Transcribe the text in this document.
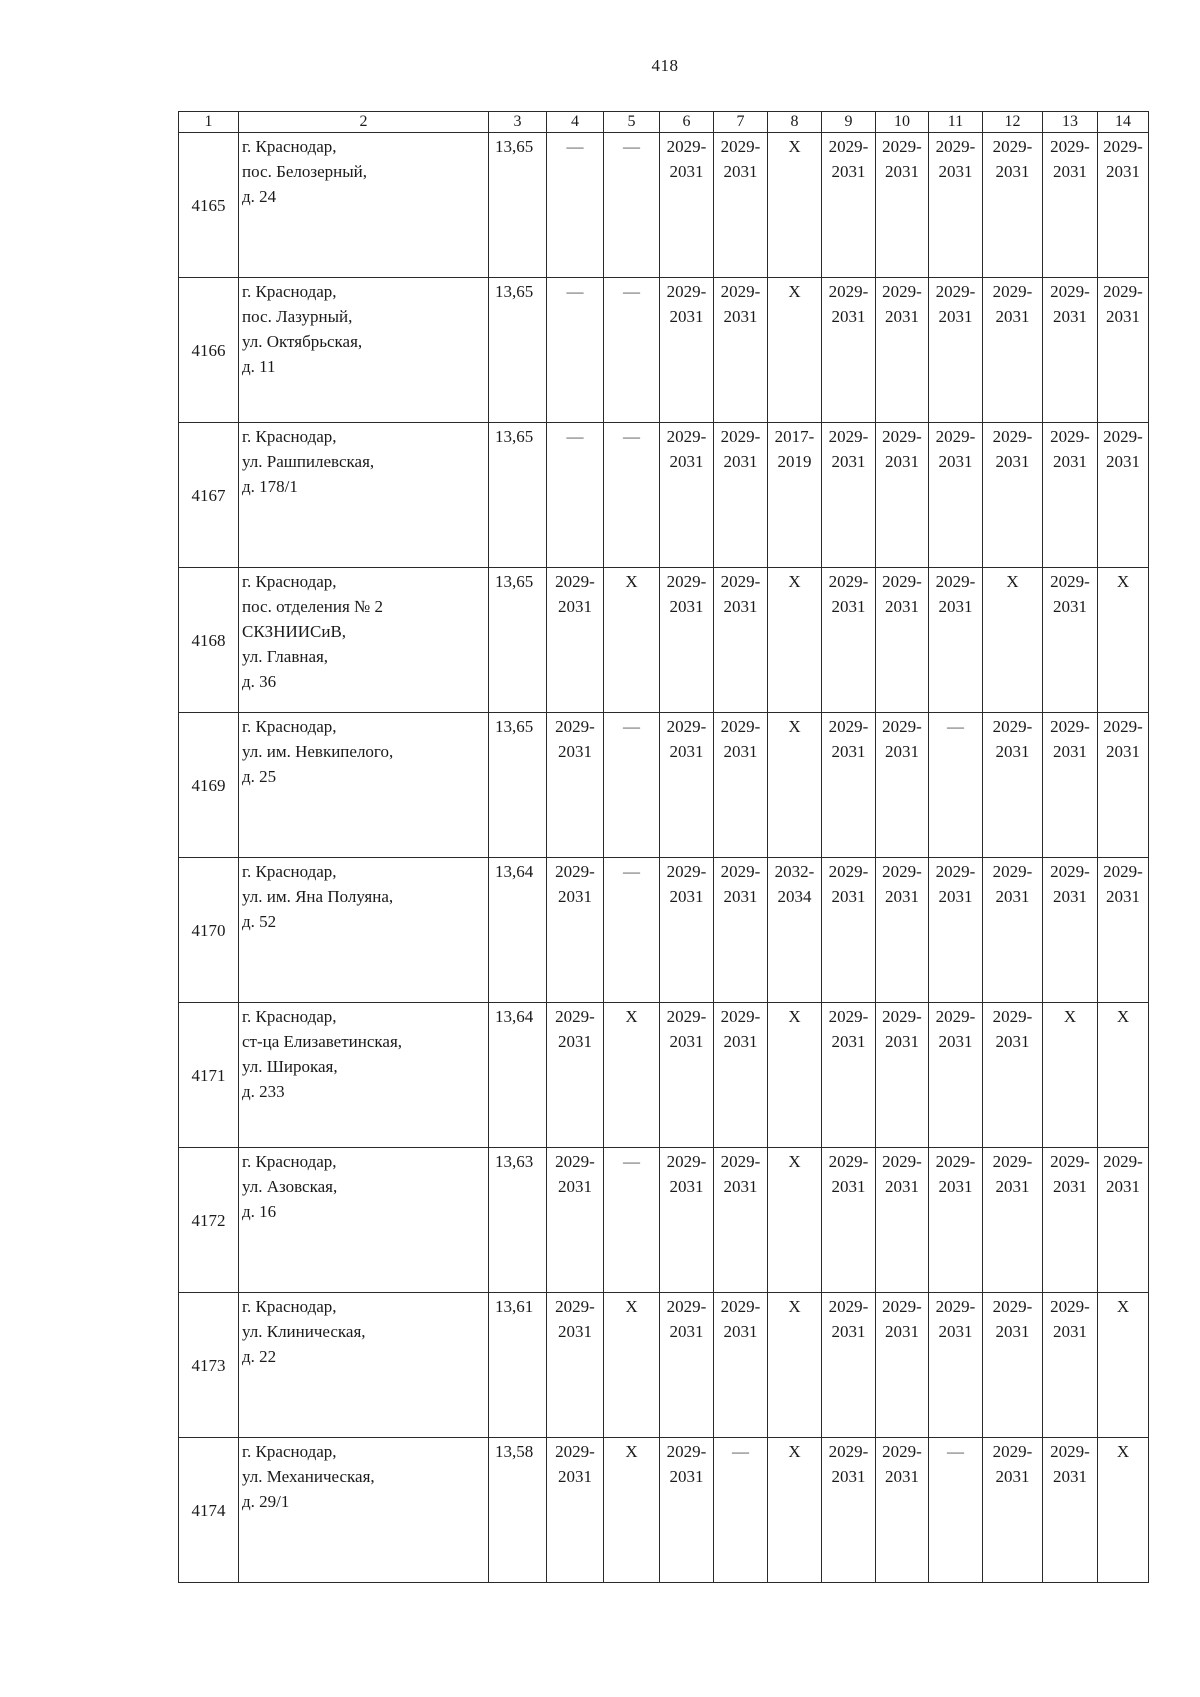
418
1	2	3	4	5	6	7	8	9	10	11	12	13	14
4165	г. Краснодар,
пос. Белозерный,
д. 24	13,65	—	—	2029-
2031	2029-
2031	Х	2029-
2031	2029-
2031	2029-
2031	2029-
2031	2029-
2031	2029-
2031

4166	г. Краснодар,
пос. Лазурный,
ул. Октябрьская,
д. 11	13,65	—	—	2029-
2031	2029-
2031	Х	2029-
2031	2029-
2031	2029-
2031	2029-
2031	2029-
2031	2029-
2031

4167	г. Краснодар,
ул. Рашпилевская,
д. 178/1	13,65	—	—	2029-
2031	2029-
2031	2017-
2019	2029-
2031	2029-
2031	2029-
2031	2029-
2031	2029-
2031	2029-
2031

4168	г. Краснодар,
пос. отделения № 2
СКЗНИИСиВ,
ул. Главная,
д. 36	13,65	2029-
2031	Х	2029-
2031	2029-
2031	Х	2029-
2031	2029-
2031	2029-
2031	Х	2029-
2031	Х

4169	г. Краснодар,
ул. им. Невкипелого,
д. 25	13,65	2029-
2031	—	2029-
2031	2029-
2031	Х	2029-
2031	2029-
2031	—	2029-
2031	2029-
2031	2029-
2031

4170	г. Краснодар,
ул. им. Яна Полуяна,
д. 52	13,64	2029-
2031	—	2029-
2031	2029-
2031	2032-
2034	2029-
2031	2029-
2031	2029-
2031	2029-
2031	2029-
2031	2029-
2031

4171	г. Краснодар,
ст-ца Елизаветинская,
ул. Широкая,
д. 233	13,64	2029-
2031	Х	2029-
2031	2029-
2031	Х	2029-
2031	2029-
2031	2029-
2031	2029-
2031	Х	Х

4172	г. Краснодар,
ул. Азовская,
д. 16	13,63	2029-
2031	—	2029-
2031	2029-
2031	Х	2029-
2031	2029-
2031	2029-
2031	2029-
2031	2029-
2031	2029-
2031

4173	г. Краснодар,
ул. Клиническая,
д. 22	13,61	2029-
2031	Х	2029-
2031	2029-
2031	Х	2029-
2031	2029-
2031	2029-
2031	2029-
2031	2029-
2031	Х

4174	г. Краснодар,
ул. Механическая,
д. 29/1	13,58	2029-
2031	Х	2029-
2031	—	Х	2029-
2031	2029-
2031	—	2029-
2031	2029-
2031	Х
